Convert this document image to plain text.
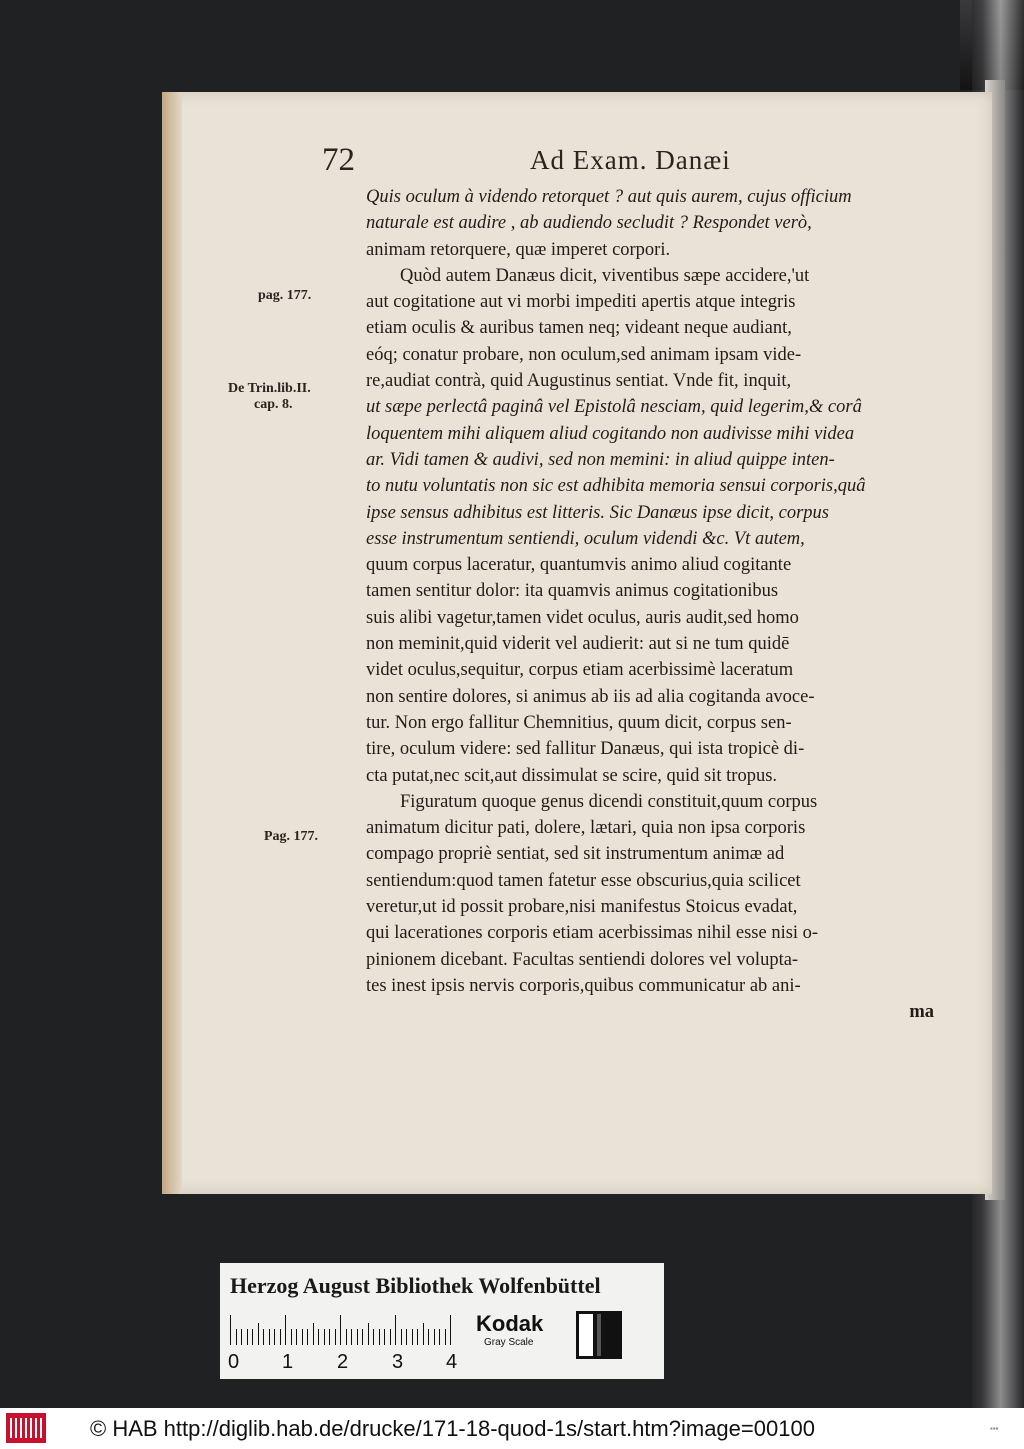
72	Ad Exam. Danæi
pag. 177.
De Trin.lib.II.
cap. 8.
Pag. 177.
Quis oculum à videndo retorquet ? aut quis aurem, cujus officium
naturale est audire , ab audiendo secludit ? Respondet verò,
animam retorquere, quæ imperet corpori.
Quòd autem Danæus dicit, viventibus sæpe accidere,'ut
aut cogitatione aut vi morbi impediti apertis atque integris
etiam oculis & auribus tamen neq; videant neque audiant,
eóq; conatur probare, non oculum,sed animam ipsam vide-
re,audiat contrà, quid Augustinus sentiat. Vnde fit, inquit,
ut sæpe perlectâ paginâ vel Epistolâ nesciam, quid legerim,& corâ
loquentem mihi aliquem aliud cogitando non audivisse mihi videa
ar. Vidi tamen & audivi, sed non memini: in aliud quippe inten-
to nutu voluntatis non sic est adhibita memoria sensui corporis,quâ
ipse sensus adhibitus est litteris. Sic Danæus ipse dicit, corpus
esse instrumentum sentiendi, oculum videndi &c. Vt autem,
quum corpus laceratur, quantumvis animo aliud cogitante
tamen sentitur dolor: ita quamvis animus cogitationibus
suis alibi vagetur,tamen videt oculus, auris audit,sed homo
non meminit,quid viderit vel audierit: aut si ne tum quidē
videt oculus,sequitur, corpus etiam acerbissimè laceratum
non sentire dolores, si animus ab iis ad alia cogitanda avoce-
tur. Non ergo fallitur Chemnitius, quum dicit, corpus sen-
tire, oculum videre: sed fallitur Danæus, qui ista tropicè di-
cta putat,nec scit,aut dissimulat se scire, quid sit tropus.
Figuratum quoque genus dicendi constituit,quum corpus
animatum dicitur pati, dolere, lætari, quia non ipsa corporis
compago propriè sentiat, sed sit instrumentum animæ ad
sentiendum:quod tamen fatetur esse obscurius,quia scilicet
veretur,ut id possit probare,nisi manifestus Stoicus evadat,
qui lacerationes corporis etiam acerbissimas nihil esse nisi o-
pinionem dicebant. Facultas sentiendi dolores vel volupta-
tes inest ipsis nervis corporis,quibus communicatur ab ani-
ma
Herzog August Bibliothek Wolfenbüttel
0 1 2 3 4
Kodak
Gray Scale
© HAB http://diglib.hab.de/drucke/171-18-quod-1s/start.htm?image=00100	▪▪▪
